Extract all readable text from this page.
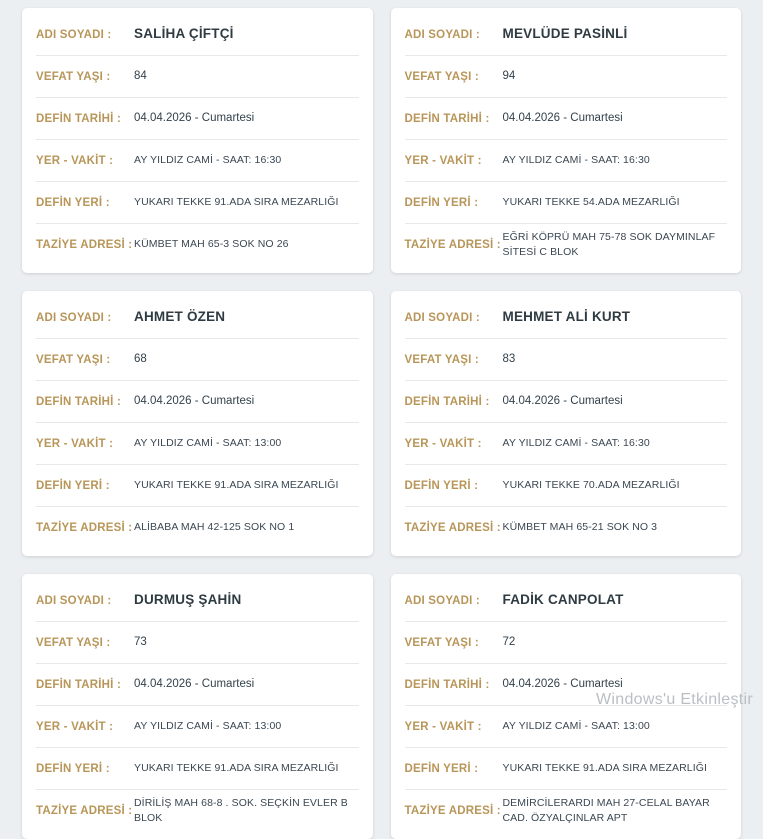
ADI SOYADI :	SALİHA ÇİFTÇİ
VEFAT YAŞI :	84
DEFİN TARİHİ :	04.04.2026 - Cumartesi
YER - VAKİT :	AY YILDIZ CAMİ - SAAT: 16:30
DEFİN YERİ :	YUKARI TEKKE 91.ADA SIRA MEZARLIĞI
TAZİYE ADRESİ : KÜMBET MAH 65-3 SOK NO 26
ADI SOYADI :	MEVLÜDE PASİNLİ
VEFAT YAŞI :	94
DEFİN TARİHİ :	04.04.2026 - Cumartesi
YER - VAKİT :	AY YILDIZ CAMİ - SAAT: 16:30
DEFİN YERİ :	YUKARI TEKKE 54.ADA MEZARLIĞI
TAZİYE ADRESİ :
EĞRİ KÖPRÜ MAH 75-78 SOK DAYMINLAF SİTESİ C BLOK
ADI SOYADI :	AHMET ÖZEN
VEFAT YAŞI :	68
DEFİN TARİHİ :	04.04.2026 - Cumartesi
YER - VAKİT :	AY YILDIZ CAMİ - SAAT: 13:00
DEFİN YERİ :	YUKARI TEKKE 91.ADA SIRA MEZARLIĞI
TAZİYE ADRESİ : ALİBABA MAH 42-125 SOK NO 1
ADI SOYADI :	MEHMET ALİ KURT
VEFAT YAŞI :	83
DEFİN TARİHİ :	04.04.2026 - Cumartesi
YER - VAKİT :	AY YILDIZ CAMİ - SAAT: 16:30
DEFİN YERİ :	YUKARI TEKKE 70.ADA MEZARLIĞI
TAZİYE ADRESİ : KÜMBET MAH 65-21 SOK NO 3
ADI SOYADI :	DURMUŞ ŞAHİN
VEFAT YAŞI :	73
DEFİN TARİHİ :	04.04.2026 - Cumartesi
YER - VAKİT :	AY YILDIZ CAMİ - SAAT: 13:00
DEFİN YERİ :	YUKARI TEKKE 91.ADA SIRA MEZARLIĞI
TAZİYE ADRESİ :
DİRİLİŞ MAH 68-8 . SOK. SEÇKİN EVLER B BLOK
ADI SOYADI :	FADİK CANPOLAT
VEFAT YAŞI :	72
DEFİN TARİHİ :	04.04.2026 - Cumartesi
YER - VAKİT :	AY YILDIZ CAMİ - SAAT: 13:00
DEFİN YERİ :	YUKARI TEKKE 91.ADA SIRA MEZARLIĞI
TAZİYE ADRESİ :
DEMİRCİLERARDI MAH 27-CELAL BAYAR CAD. ÖZYALÇINLAR APT
Windows'u Etkinleştir
